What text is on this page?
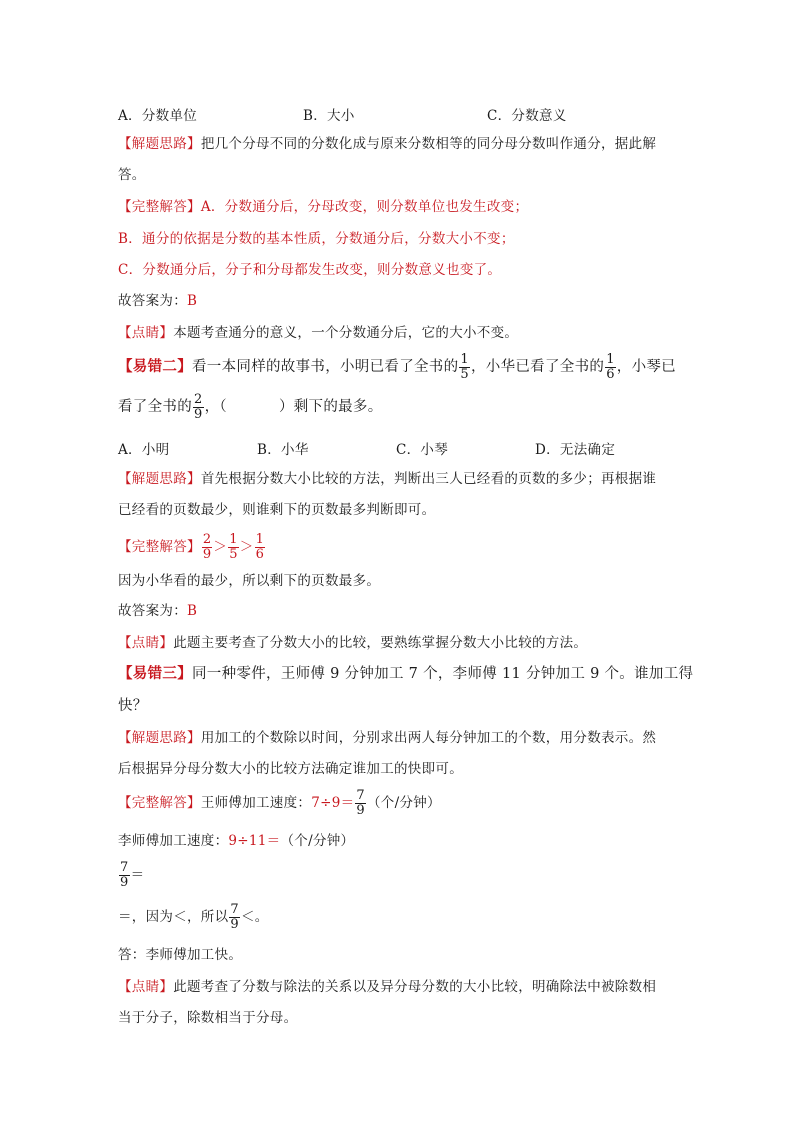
A．分数单位	B．大小	C．分数意义
【解题思路】把几个分母不同的分数化成与原来分数相等的同分母分数叫作通分，据此解
答。
【完整解答】A．分数通分后，分母改变，则分数单位也发生改变；
B．通分的依据是分数的基本性质，分数通分后，分数大小不变；
C．分数通分后，分子和分母都发生改变，则分数意义也变了。
故答案为：B
【点睛】本题考查通分的意义，一个分数通分后，它的大小不变。
【易错二】看一本同样的故事书，小明已看了全书的 $\frac{1}{5}$ ，小华已看了全书的 $\frac{1}{6}$ ，小琴已
看了全书的 $\frac{2}{9}$ ，（	）剩下的最多。
A．小明	B．小华	C．小琴	D．无法确定
【解题思路】首先根据分数大小比较的方法，判断出三人已经看的页数的多少；再根据谁
已经看的页数最少，则谁剩下的页数最多判断即可。
【完整解答】 $\frac{2}{9} > \frac{1}{5} > \frac{1}{6}$
因为小华看的最少，所以剩下的页数最多。
故答案为：B
【点睛】此题主要考查了分数大小的比较，要熟练掌握分数大小比较的方法。
【易错三】同一种零件，王师傅 9 分钟加工 7 个，李师傅 11 分钟加工 9 个。谁加工得
快？
【解题思路】用加工的个数除以时间，分别求出两人每分钟加工的个数，用分数表示。然
后根据异分母分数大小的比较方法确定谁加工的快即可。
【完整解答】王师傅加工速度：$7\div 9= \frac{7}{9}$ （个/分钟）
李师傅加工速度：9÷11＝（个/分钟）
$\frac{7}{9}$ ＝
＝，因为＜，所以 $\frac{7}{9}$ ＜。
答：李师傅加工快。
【点睛】此题考查了分数与除法的关系以及异分母分数的大小比较，明确除法中被除数相
当于分子，除数相当于分母。
